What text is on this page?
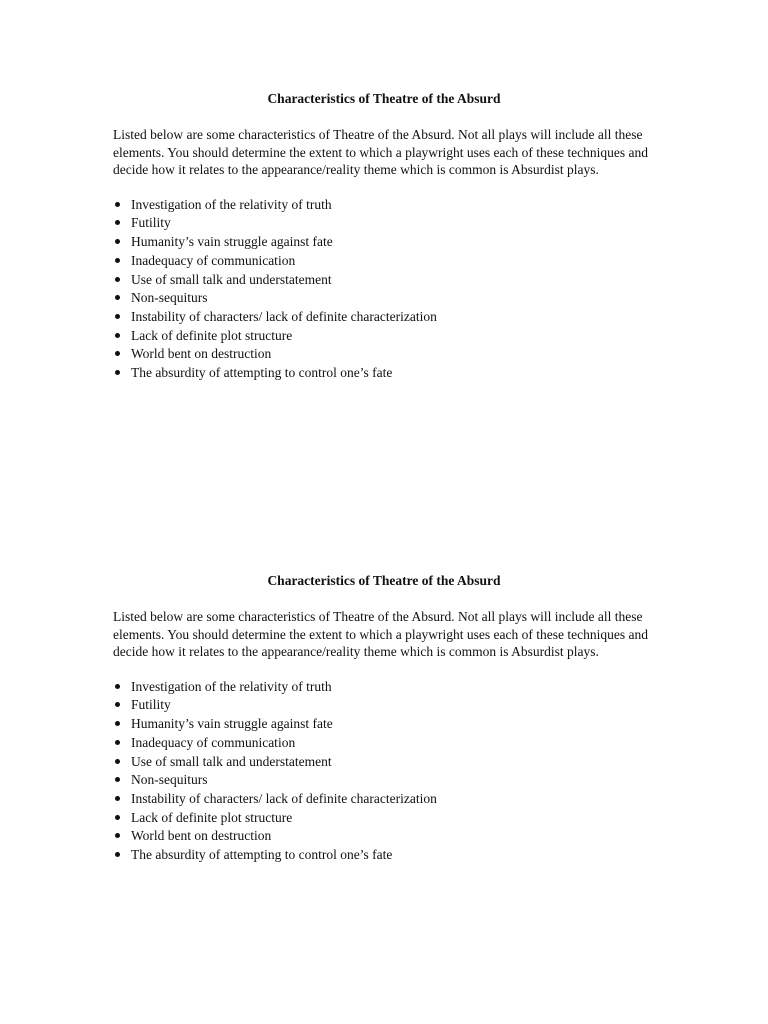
Characteristics of Theatre of the Absurd

Listed below are some characteristics of Theatre of the Absurd. Not all plays will include all these elements. You should determine the extent to which a playwright uses each of these techniques and decide how it relates to the appearance/reality theme which is common is Absurdist plays.

Investigation of the relativity of truth
Futility
Humanity’s vain struggle against fate
Inadequacy of communication
Use of small talk and understatement
Non-sequiturs
Instability of characters/ lack of definite characterization
Lack of definite plot structure
World bent on destruction
The absurdity of attempting to control one’s fate
Characteristics of Theatre of the Absurd

Listed below are some characteristics of Theatre of the Absurd. Not all plays will include all these elements. You should determine the extent to which a playwright uses each of these techniques and decide how it relates to the appearance/reality theme which is common is Absurdist plays.

Investigation of the relativity of truth
Futility
Humanity’s vain struggle against fate
Inadequacy of communication
Use of small talk and understatement
Non-sequiturs
Instability of characters/ lack of definite characterization
Lack of definite plot structure
World bent on destruction
The absurdity of attempting to control one’s fate
